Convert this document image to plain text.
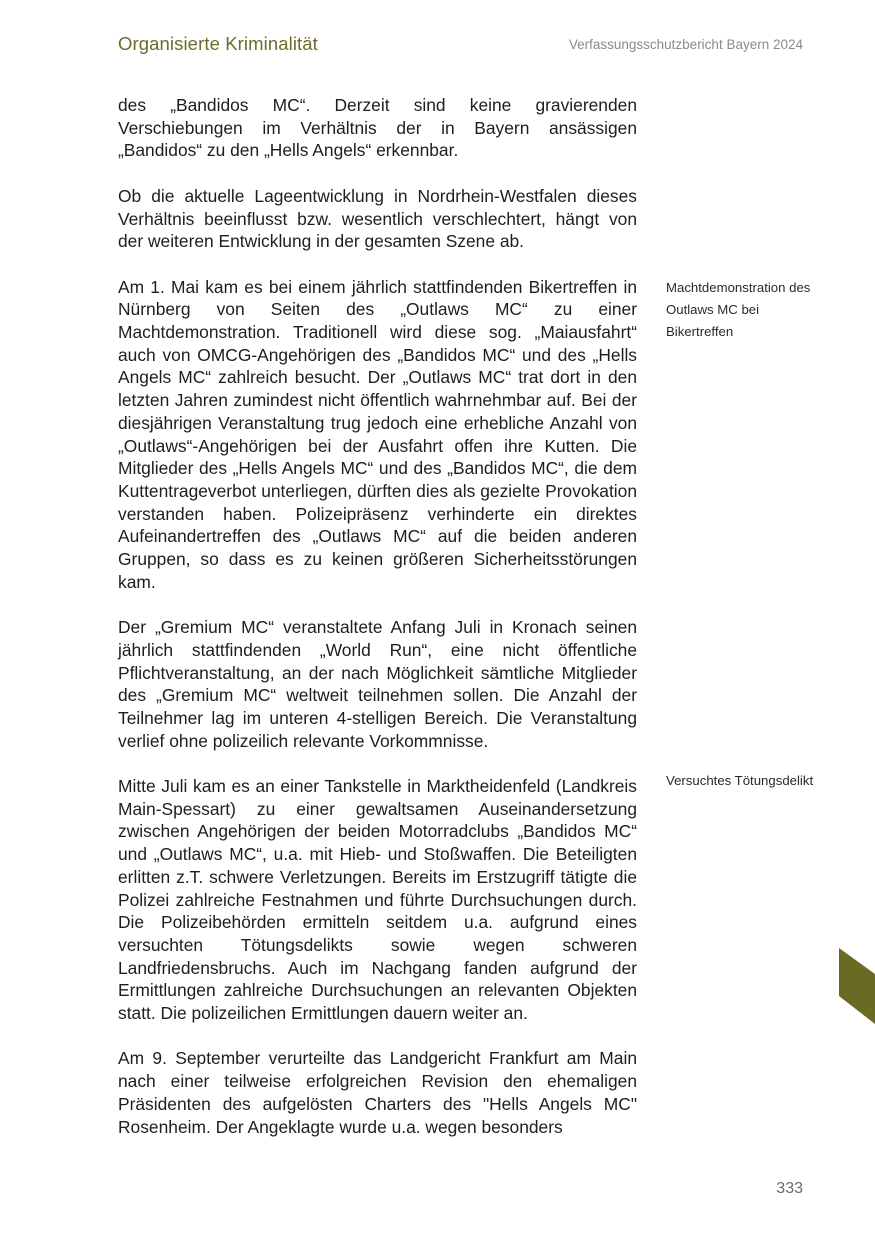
Organisierte Kriminalität	Verfassungsschutzbericht Bayern 2024

des „Bandidos MC“. Derzeit sind keine gravierenden Verschiebungen im Verhältnis der in Bayern ansässigen „Bandidos“ zu den „Hells Angels“ erkennbar.

Ob die aktuelle Lageentwicklung in Nordrhein-Westfalen dieses Verhältnis beeinflusst bzw. wesentlich verschlechtert, hängt von der weiteren Entwicklung in der gesamten Szene ab.

Am 1. Mai kam es bei einem jährlich stattfindenden Bikertreffen in Nürnberg von Seiten des „Outlaws MC“ zu einer Machtdemonstration. Traditionell wird diese sog. „Maiausfahrt“ auch von OMCG-Angehörigen des „Bandidos MC“ und des „Hells Angels MC“ zahlreich besucht. Der „Outlaws MC“ trat dort in den letzten Jahren zumindest nicht öffentlich wahrnehmbar auf. Bei der diesjährigen Veranstaltung trug jedoch eine erhebliche Anzahl von „Outlaws“-Angehörigen bei der Ausfahrt offen ihre Kutten. Die Mitglieder des „Hells Angels MC“ und des „Bandidos MC“, die dem Kuttentrageverbot unterliegen, dürften dies als gezielte Provokation verstanden haben. Polizeipräsenz verhinderte ein direktes Aufeinandertreffen des „Outlaws MC“ auf die beiden anderen Gruppen, so dass es zu keinen größeren Sicherheitsstörungen kam.

Der „Gremium MC“ veranstaltete Anfang Juli in Kronach seinen jährlich stattfindenden „World Run“, eine nicht öffentliche Pflichtveranstaltung, an der nach Möglichkeit sämtliche Mitglieder des „Gremium MC“ weltweit teilnehmen sollen. Die Anzahl der Teilnehmer lag im unteren 4-stelligen Bereich. Die Veranstaltung verlief ohne polizeilich relevante Vorkommnisse.

Mitte Juli kam es an einer Tankstelle in Marktheidenfeld (Landkreis Main-Spessart) zu einer gewaltsamen Auseinandersetzung zwischen Angehörigen der beiden Motorradclubs „Bandidos MC“ und „Outlaws MC“, u.a. mit Hieb- und Stoßwaffen. Die Beteiligten erlitten z.T. schwere Verletzungen. Bereits im Erstzugriff tätigte die Polizei zahlreiche Festnahmen und führte Durchsuchungen durch. Die Polizeibehörden ermitteln seitdem u.a. aufgrund eines versuchten Tötungsdelikts sowie wegen schweren Landfriedensbruchs. Auch im Nachgang fanden aufgrund der Ermittlungen zahlreiche Durchsuchungen an relevanten Objekten statt. Die polizeilichen Ermittlungen dauern weiter an.

Am 9. September verurteilte das Landgericht Frankfurt am Main nach einer teilweise erfolgreichen Revision den ehemaligen Präsidenten des aufgelösten Charters des "Hells Angels MC" Rosenheim. Der Angeklagte wurde u.a. wegen besonders

Machtdemonstration des Outlaws MC bei Bikertreffen
Versuchtes Tötungsdelikt
333
